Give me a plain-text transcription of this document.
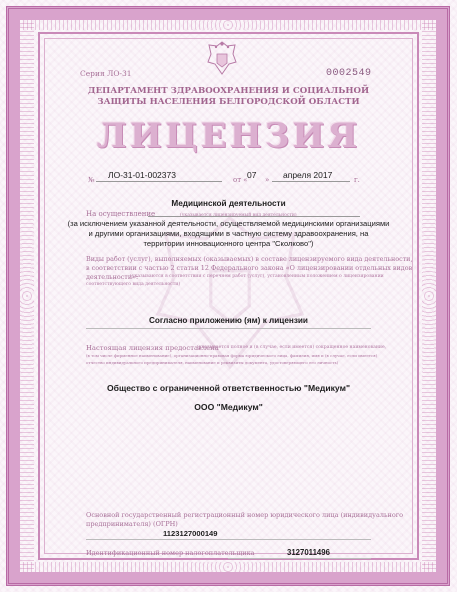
Серия ЛО-31	0002549
ДЕПАРТАМЕНТ ЗДРАВООХРАНЕНИЯ И СОЦИАЛЬНОЙ
ЗАЩИТЫ НАСЕЛЕНИЯ БЕЛГОРОДСКОЙ ОБЛАСТИ
ЛИЦЕНЗИЯ
№ ЛО-31-01-002373	от « 07 » апреля 2017	г.
Медицинской деятельности
На осуществление	(указывается лицензируемый вид деятельности)
(за исключением указанной деятельности, осуществляемой медицинскими организациями
и другими организациями, входящими в частную систему здравоохранения, на
территории инновационного центра "Сколково")
Виды работ (услуг), выполняемых (оказываемых) в составе лицензируемого вида деятельности,
в соответствии с частью 2 статьи 12 Федерального закона «О лицензировании отдельных видов
деятельности»:
(указываются в соответствии с перечнем работ (услуг), установленным положением о лицензировании
соответствующего вида деятельности)
Согласно приложению (ям) к лицензии
Настоящая лицензия предоставлена
(указывается полное и (в случае, если имеется) сокращенное наименование,
(в том числе фирменное наименование), организационно-правовая форма юридического лица, фамилия, имя и (в случае, если имеется)
отчество индивидуального предпринимателя, наименование и реквизиты документа, удостоверяющего его личность)
Общество с ограниченной ответственностью "Медикум"
ООО "Медикум"
Основной государственный регистрационный номер юридического лица (индивидуального
предпринимателя) (ОГРН)
1123127000149
Идентификационный номер налогоплательщика	3127011496
